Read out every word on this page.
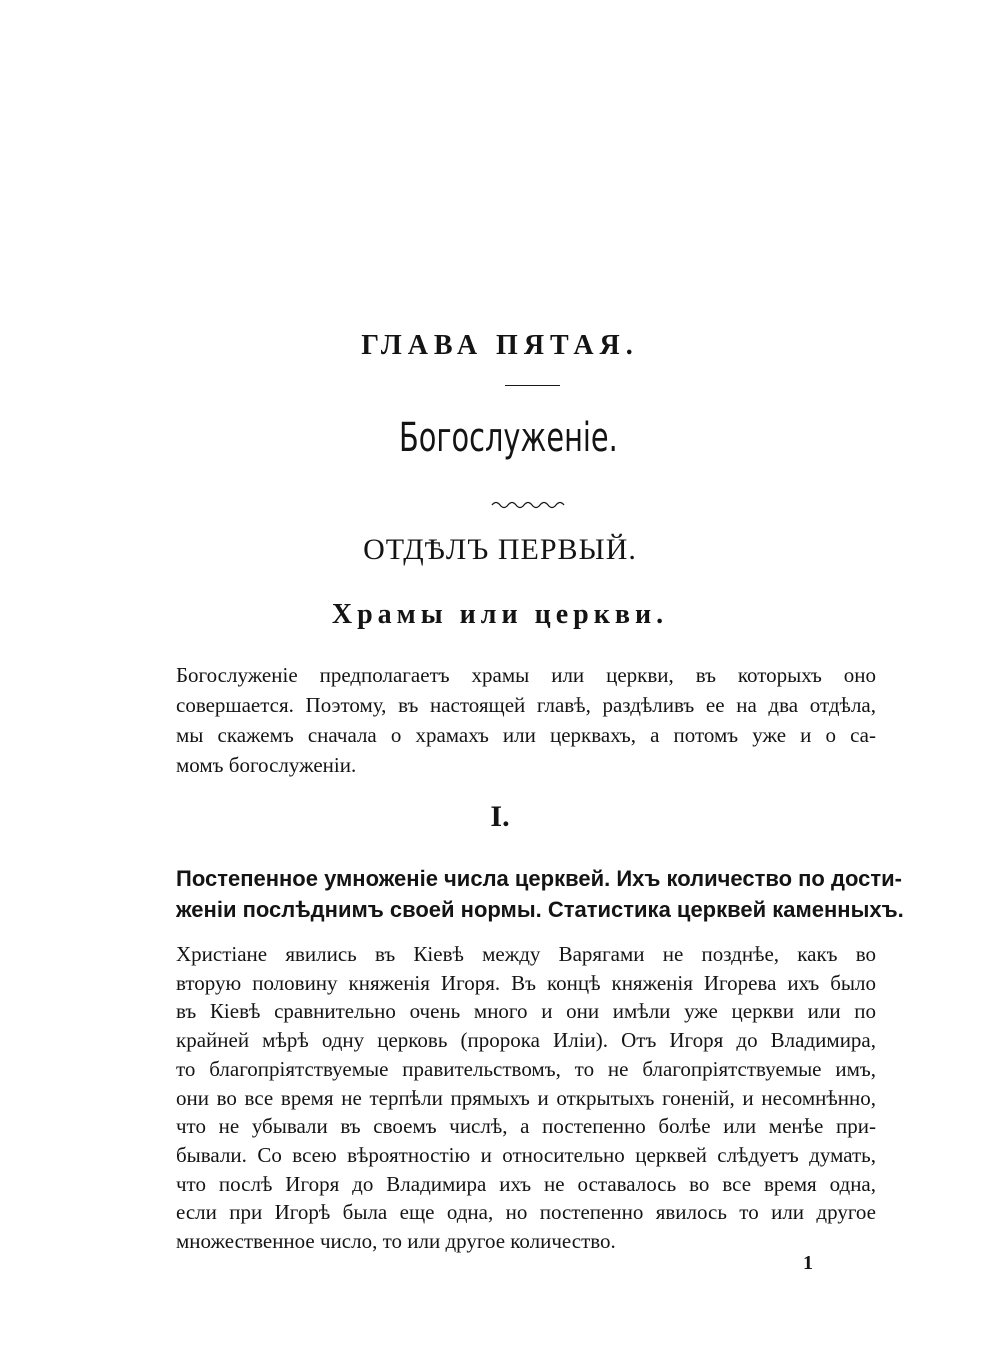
ГЛАВА ПЯТАЯ.
Богослуженіе.
ОТДѢЛЪ ПЕРВЫЙ.
Храмы или церкви.
Богослуженіе предполагаетъ храмы или церкви, въ которыхъ оно
совершается. Поэтому, въ настоящей главѣ, раздѣливъ ее на два отдѣла,
мы скажемъ сначала о храмахъ или церквахъ, а потомъ уже и о са-
момъ богослуженіи.
I.
Постепенное умноженіе числа церквей. Ихъ количество по дости-
женіи послѣднимъ своей нормы. Статистика церквей каменныхъ.
Христіане явились въ Кіевѣ между Варягами не позднѣе, какъ во
вторую половину княженія Игоря. Въ концѣ княженія Игорева ихъ было
въ Кіевѣ сравнительно очень много и они имѣли уже церкви или по
крайней мѣрѣ одну церковь (пророка Иліи). Отъ Игоря до Владимира,
то благопріятствуемые правительствомъ, то не благопріятствуемые имъ,
они во все время не терпѣли прямыхъ и открытыхъ гоненій, и несомнѣнно,
что не убывали въ своемъ числѣ, а постепенно болѣе или менѣе при-
бывали. Со всею вѣроятностію и относительно церквей слѣдуетъ думать,
что послѣ Игоря до Владимира ихъ не оставалось во все время одна,
если при Игорѣ была еще одна, но постепенно явилось то или другое
множественное число, то или другое количество.
1
